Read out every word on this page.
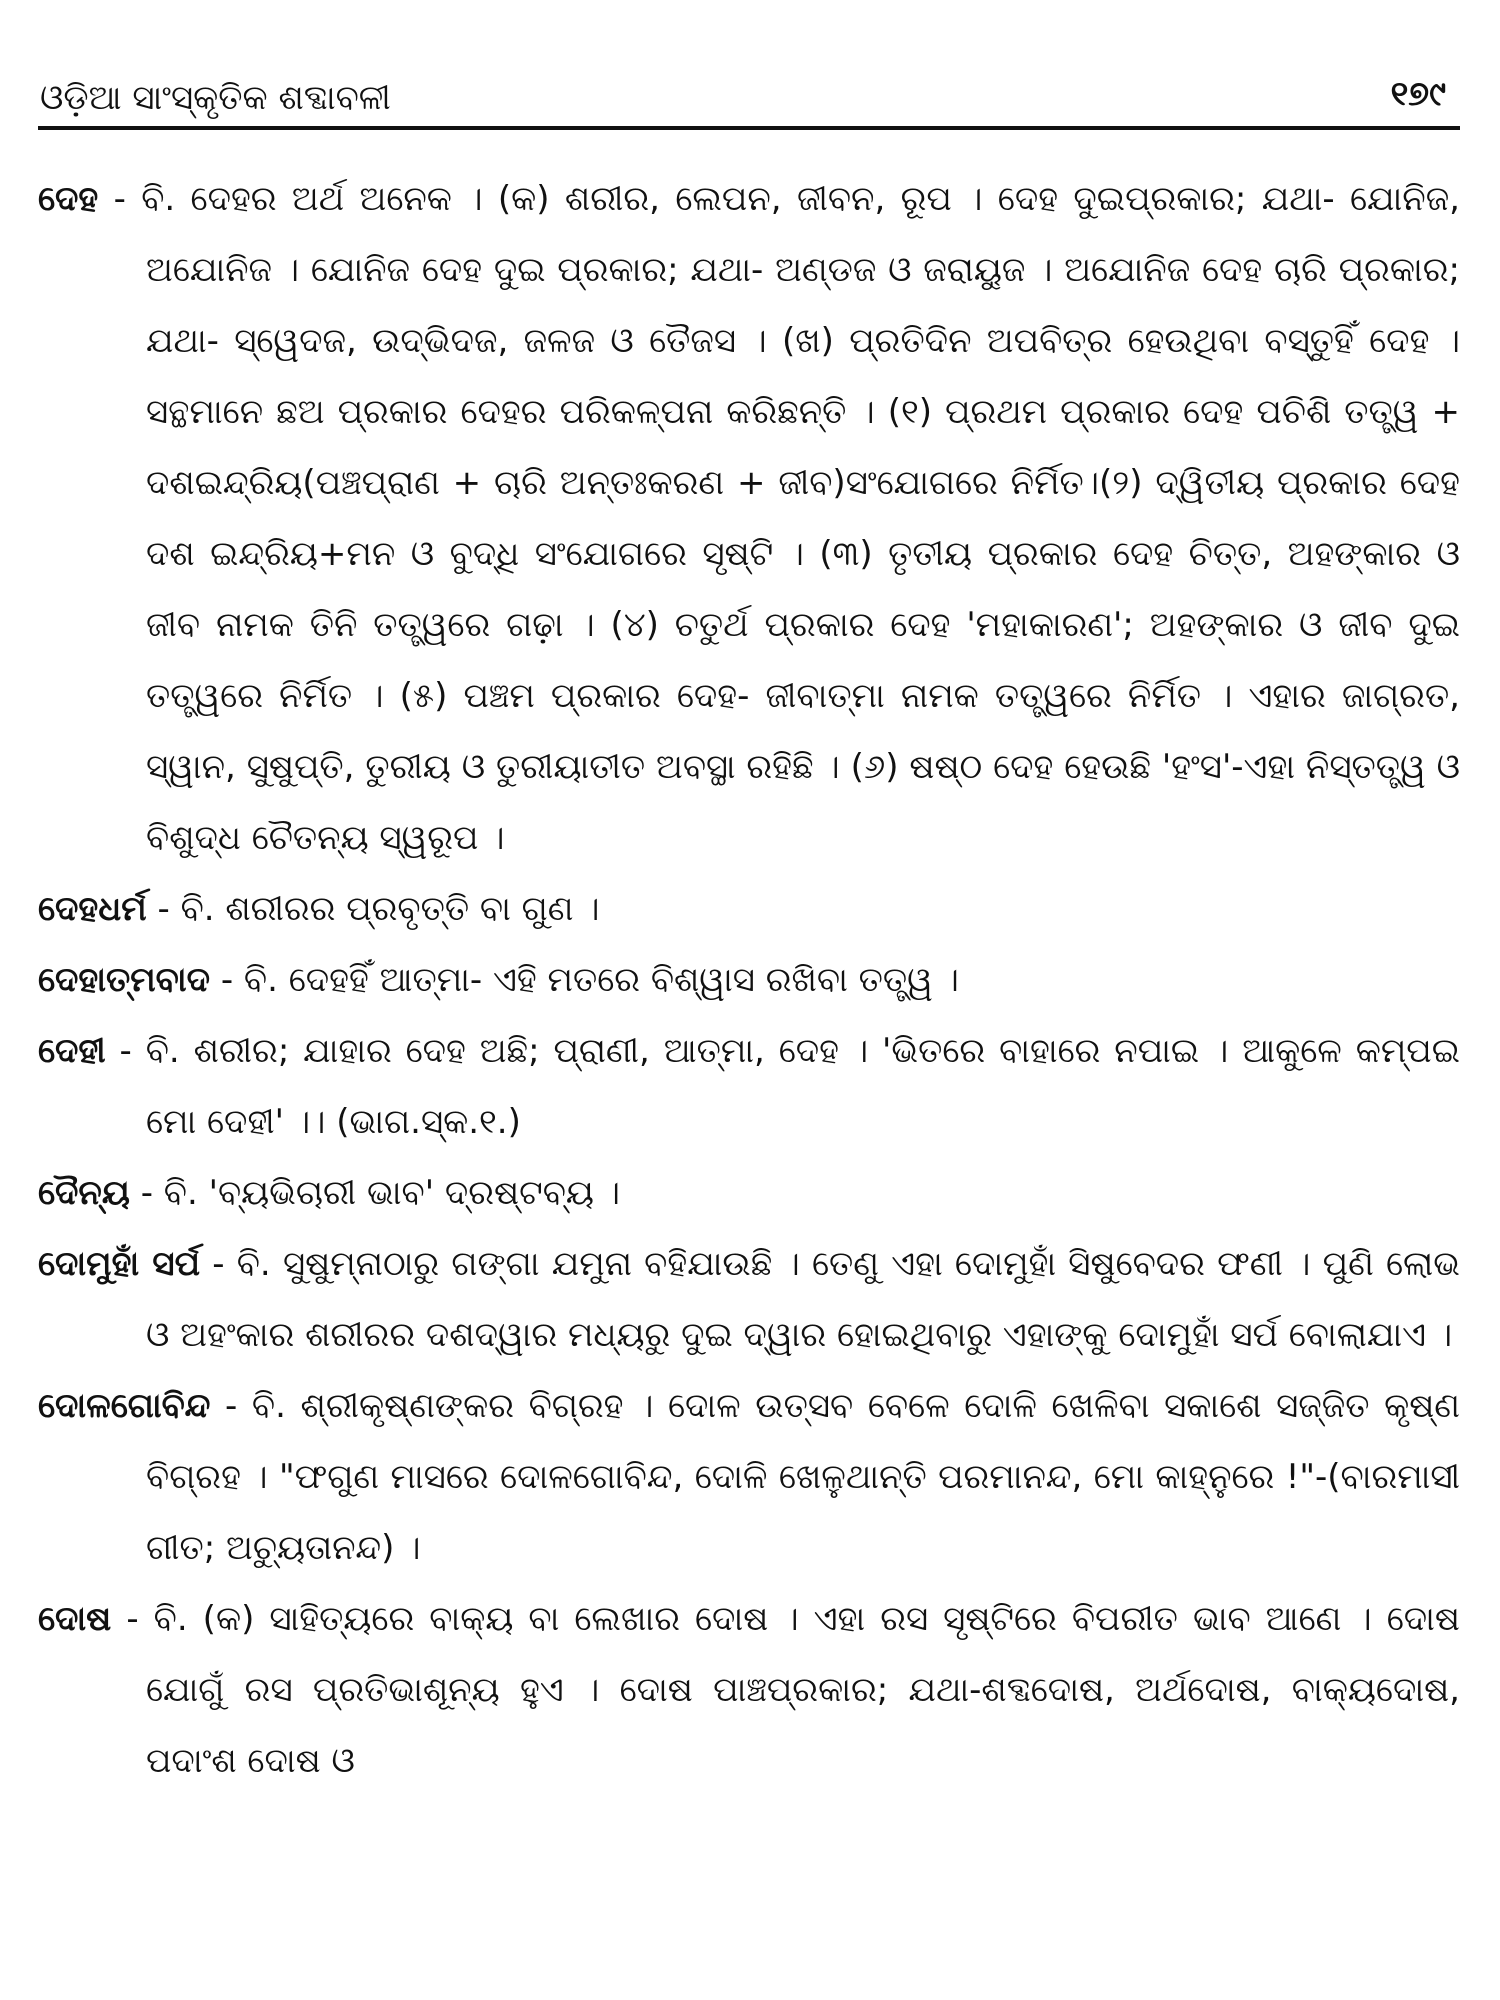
ଓଡ଼ିଆ ସାଂସ୍କୃତିକ ଶବ୍ଦାବଳୀ	୧୭୯

ଦେହ - ବି. ଦେହର ଅର୍ଥ ଅନେକ । (କ) ଶରୀର, ଲେପନ, ଜୀବନ, ରୂପ । ଦେହ ଦୁଇପ୍ରକାର; ଯଥା- ଯୋନିଜ, ଅଯୋନିଜ । ଯୋନିଜ ଦେହ ଦୁଇ ପ୍ରକାର; ଯଥା- ଅଣ୍ଡଜ ଓ ଜରାୟୁଜ । ଅଯୋନିଜ ଦେହ ଚାରି ପ୍ରକାର; ଯଥା- ସ୍ୱେଦଜ, ଉଦ୍ଭିଦଜ, ଜଳଜ ଓ ତୈଜସ । (ଖ) ପ୍ରତିଦିନ ଅପବିତ୍ର ହେଉଥିବା ବସ୍ତୁହିଁ ଦେହ । ସନ୍ଥମାନେ ଛଅ ପ୍ରକାର ଦେହର ପରିକଳ୍ପନା କରିଛନ୍ତି । (୧) ପ୍ରଥମ ପ୍ରକାର ଦେହ ପଚିଶି ତତ୍ତ୍ୱ + ଦଶଇନ୍ଦ୍ରିୟ(ପଞ୍ଚପ୍ରାଣ + ଚାରି ଅନ୍ତଃକରଣ + ଜୀବ)ସଂଯୋଗରେ ନିର୍ମିତ।(୨) ଦ୍ୱିତୀୟ ପ୍ରକାର ଦେହ ଦଶ ଇନ୍ଦ୍ରିୟ+ମନ ଓ ବୁଦ୍ଧି ସଂଯୋଗରେ ସୃଷ୍ଟି । (୩) ତୃତୀୟ ପ୍ରକାର ଦେହ ଚିତ୍ତ, ଅହଙ୍କାର ଓ ଜୀବ ନାମକ ତିନି ତତ୍ତ୍ୱରେ ଗଢ଼ା । (୪) ଚତୁର୍ଥ ପ୍ରକାର ଦେହ 'ମହାକାରଣ'; ଅହଙ୍କାର ଓ ଜୀବ ଦୁଇ ତତ୍ତ୍ୱରେ ନିର୍ମିତ । (୫) ପଞ୍ଚମ ପ୍ରକାର ଦେହ- ଜୀବାତ୍ମା ନାମକ ତତ୍ତ୍ୱରେ ନିର୍ମିତ । ଏହାର ଜାଗ୍ରତ, ସ୍ୱାନ, ସୁଷୁପ୍ତି, ତୁରୀୟ ଓ ତୁରୀୟାତୀତ ଅବସ୍ଥା ରହିଛି । (୬) ଷଷ୍ଠ ଦେହ ହେଉଛି 'ହଂସ'-ଏହା ନିସ୍ତତ୍ତ୍ୱ ଓ ବିଶୁଦ୍ଧ ଚୈତନ୍ୟ ସ୍ୱରୂପ ।

ଦେହଧର୍ମ - ବି. ଶରୀରର ପ୍ରବୃତ୍ତି ବା ଗୁଣ ।

ଦେହାତ୍ମବାଦ - ବି. ଦେହହିଁ ଆତ୍ମା- ଏହି ମତରେ ବିଶ୍ୱାସ ରଖିବା ତତ୍ତ୍ୱ ।

ଦେହୀ - ବି. ଶରୀର; ଯାହାର ଦେହ ଅଛି; ପ୍ରାଣୀ, ଆତ୍ମା, ଦେହ । 'ଭିତରେ ବାହାରେ ନପାଇ । ଆକୁଳେ କମ୍ପଇ ମୋ ଦେହୀ' ।। (ଭାଗ.ସ୍କ.୧.)

ଦୈନ୍ୟ - ବି. 'ବ୍ୟଭିଚାରୀ ଭାବ' ଦ୍ରଷ୍ଟବ୍ୟ ।

ଦୋମୁହାଁ ସର୍ପ - ବି. ସୁଷୁମ୍ନାଠାରୁ ଗଙ୍ଗା ଯମୁନା ବହିଯାଉଛି । ତେଣୁ ଏହା ଦୋମୁହାଁ ସିଷୁବେଦର ଫଣୀ । ପୁଣି ଲୋଭ ଓ ଅହଂକାର ଶରୀରର ଦଶଦ୍ୱାର ମଧ୍ୟରୁ ଦୁଇ ଦ୍ୱାର ହୋଇଥିବାରୁ ଏହାଙ୍କୁ ଦୋମୁହାଁ ସର୍ପ ବୋଲାଯାଏ ।

ଦୋଳଗୋବିନ୍ଦ - ବି. ଶ୍ରୀକୃଷ୍ଣଙ୍କର ବିଗ୍ରହ । ଦୋଳ ଉତ୍ସବ ବେଳେ ଦୋଳି ଖେଳିବା ସକାଶେ ସଜ୍ଜିତ କୃଷ୍ଣ ବିଗ୍ରହ । "ଫଗୁଣ ମାସରେ ଦୋଳଗୋବିନ୍ଦ, ଦୋଳି ଖେଳୁଥାନ୍ତି ପରମାନନ୍ଦ, ମୋ କାହ୍ନୁରେ !"-(ବାରମାସୀ ଗୀତ; ଅଚ୍ୟୁତାନନ୍ଦ) ।

ଦୋଷ - ବି. (କ) ସାହିତ୍ୟରେ ବାକ୍ୟ ବା ଲେଖାର ଦୋଷ । ଏହା ରସ ସୃଷ୍ଟିରେ ବିପରୀତ ଭାବ ଆଣେ । ଦୋଷ ଯୋଗୁଁ ରସ ପ୍ରତିଭାଶୂନ୍ୟ ହୁଏ । ଦୋଷ ପାଞ୍ଚପ୍ରକାର; ଯଥା-ଶବ୍ଦଦୋଷ, ଅର୍ଥଦୋଷ, ବାକ୍ୟଦୋଷ, ପଦାଂଶ ଦୋଷ ଓ
